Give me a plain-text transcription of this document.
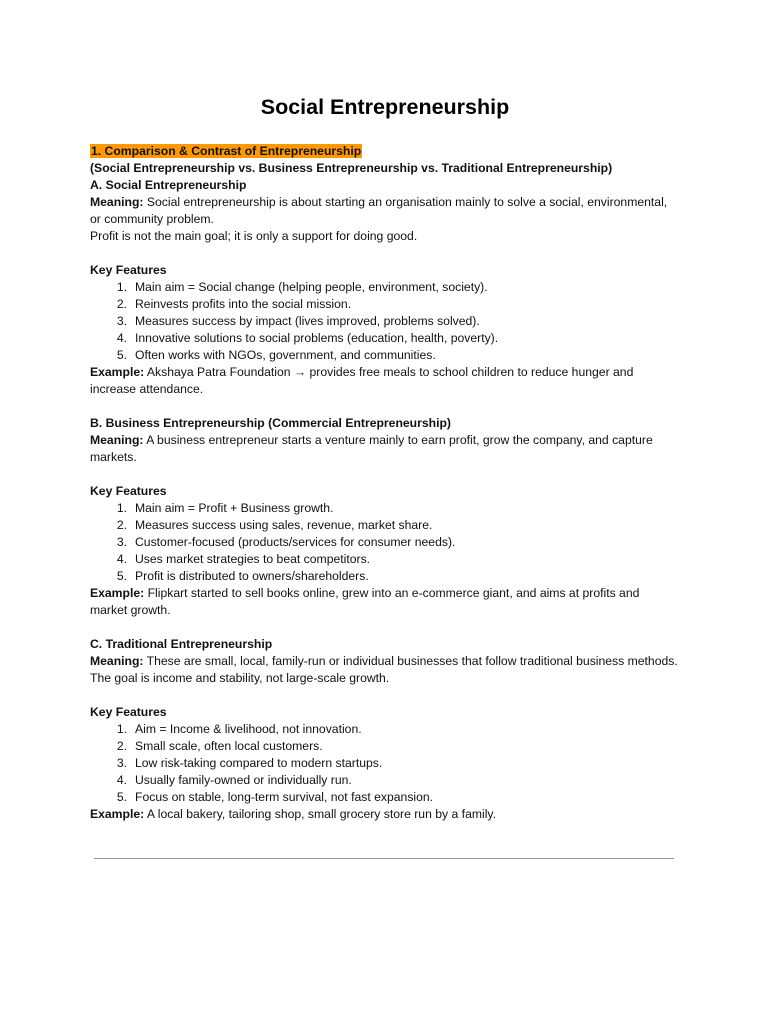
Social Entrepreneurship
1. Comparison & Contrast of Entrepreneurship
(Social Entrepreneurship vs. Business Entrepreneurship vs. Traditional Entrepreneurship)
A. Social Entrepreneurship
Meaning: Social entrepreneurship is about starting an organisation mainly to solve a social, environmental, or community problem.
Profit is not the main goal; it is only a support for doing good.
Key Features
Main aim = Social change (helping people, environment, society).
Reinvests profits into the social mission.
Measures success by impact (lives improved, problems solved).
Innovative solutions to social problems (education, health, poverty).
Often works with NGOs, government, and communities.
Example: Akshaya Patra Foundation → provides free meals to school children to reduce hunger and increase attendance.
B. Business Entrepreneurship (Commercial Entrepreneurship)
Meaning: A business entrepreneur starts a venture mainly to earn profit, grow the company, and capture markets.
Key Features
Main aim = Profit + Business growth.
Measures success using sales, revenue, market share.
Customer-focused (products/services for consumer needs).
Uses market strategies to beat competitors.
Profit is distributed to owners/shareholders.
Example: Flipkart started to sell books online, grew into an e-commerce giant, and aims at profits and market growth.
C. Traditional Entrepreneurship
Meaning: These are small, local, family-run or individual businesses that follow traditional business methods.
The goal is income and stability, not large-scale growth.
Key Features
Aim = Income & livelihood, not innovation.
Small scale, often local customers.
Low risk-taking compared to modern startups.
Usually family-owned or individually run.
Focus on stable, long-term survival, not fast expansion.
Example: A local bakery, tailoring shop, small grocery store run by a family.
